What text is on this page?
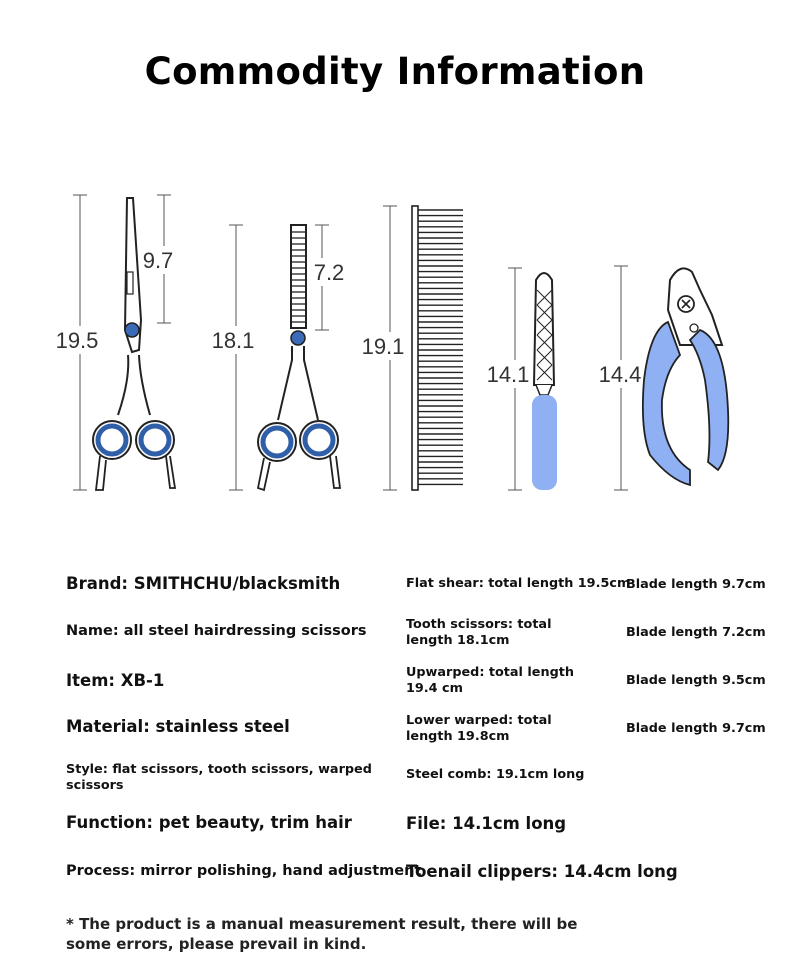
Commodity Information
19.5
9.7
18.1
7.2
19.1
14.1	14.4
Brand: SMITHCHU/blacksmith
Name: all steel hairdressing scissors
Item: XB-1
Material: stainless steel
Style: flat scissors, tooth scissors, warped scissors
Function: pet beauty, trim hair
Process: mirror polishing, hand adjustment
Flat shear: total length 19.5cm
Tooth scissors: total length 18.1cm
Upwarped: total length 19.4 cm
Lower warped: total length 19.8cm
Steel comb: 19.1cm long
File: 14.1cm long
Toenail clippers: 14.4cm long
Blade length 9.7cm
Blade length 7.2cm
Blade length 9.5cm
Blade length 9.7cm
* The product is a manual measurement result, there will be some errors, please prevail in kind.
